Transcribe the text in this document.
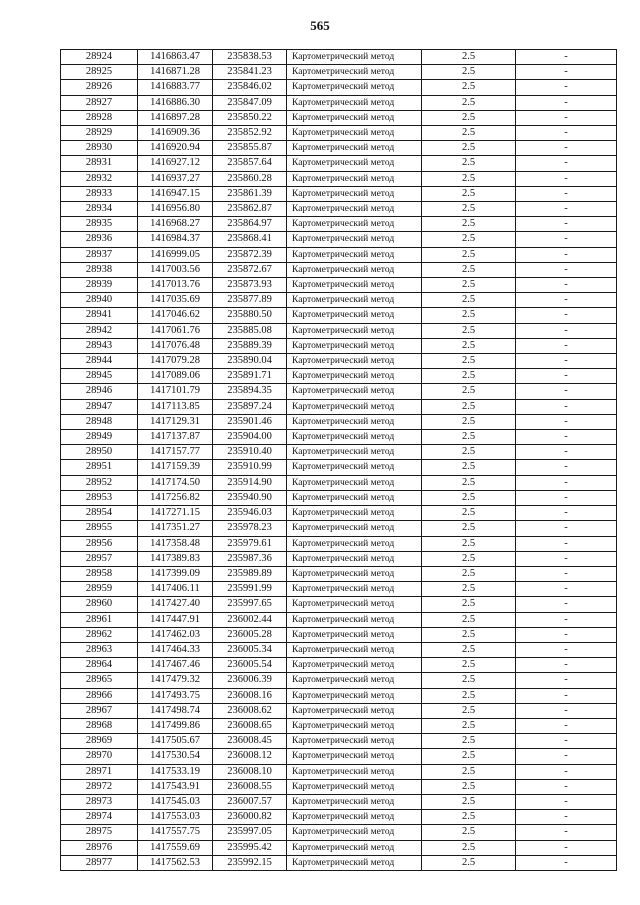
565
28924	1416863.47	235838.53	Картометрический метод	2.5	-
28925	1416871.28	235841.23	Картометрический метод	2.5	-
28926	1416883.77	235846.02	Картометрический метод	2.5	-
28927	1416886.30	235847.09	Картометрический метод	2.5	-
28928	1416897.28	235850.22	Картометрический метод	2.5	-
28929	1416909.36	235852.92	Картометрический метод	2.5	-
28930	1416920.94	235855.87	Картометрический метод	2.5	-
28931	1416927.12	235857.64	Картометрический метод	2.5	-
28932	1416937.27	235860.28	Картометрический метод	2.5	-
28933	1416947.15	235861.39	Картометрический метод	2.5	-
28934	1416956.80	235862.87	Картометрический метод	2.5	-
28935	1416968.27	235864.97	Картометрический метод	2.5	-
28936	1416984.37	235868.41	Картометрический метод	2.5	-
28937	1416999.05	235872.39	Картометрический метод	2.5	-
28938	1417003.56	235872.67	Картометрический метод	2.5	-
28939	1417013.76	235873.93	Картометрический метод	2.5	-
28940	1417035.69	235877.89	Картометрический метод	2.5	-
28941	1417046.62	235880.50	Картометрический метод	2.5	-
28942	1417061.76	235885.08	Картометрический метод	2.5	-
28943	1417076.48	235889.39	Картометрический метод	2.5	-
28944	1417079.28	235890.04	Картометрический метод	2.5	-
28945	1417089.06	235891.71	Картометрический метод	2.5	-
28946	1417101.79	235894.35	Картометрический метод	2.5	-
28947	1417113.85	235897.24	Картометрический метод	2.5	-
28948	1417129.31	235901.46	Картометрический метод	2.5	-
28949	1417137.87	235904.00	Картометрический метод	2.5	-
28950	1417157.77	235910.40	Картометрический метод	2.5	-
28951	1417159.39	235910.99	Картометрический метод	2.5	-
28952	1417174.50	235914.90	Картометрический метод	2.5	-
28953	1417256.82	235940.90	Картометрический метод	2.5	-
28954	1417271.15	235946.03	Картометрический метод	2.5	-
28955	1417351.27	235978.23	Картометрический метод	2.5	-
28956	1417358.48	235979.61	Картометрический метод	2.5	-
28957	1417389.83	235987.36	Картометрический метод	2.5	-
28958	1417399.09	235989.89	Картометрический метод	2.5	-
28959	1417406.11	235991.99	Картометрический метод	2.5	-
28960	1417427.40	235997.65	Картометрический метод	2.5	-
28961	1417447.91	236002.44	Картометрический метод	2.5	-
28962	1417462.03	236005.28	Картометрический метод	2.5	-
28963	1417464.33	236005.34	Картометрический метод	2.5	-
28964	1417467.46	236005.54	Картометрический метод	2.5	-
28965	1417479.32	236006.39	Картометрический метод	2.5	-
28966	1417493.75	236008.16	Картометрический метод	2.5	-
28967	1417498.74	236008.62	Картометрический метод	2.5	-
28968	1417499.86	236008.65	Картометрический метод	2.5	-
28969	1417505.67	236008.45	Картометрический метод	2.5	-
28970	1417530.54	236008.12	Картометрический метод	2.5	-
28971	1417533.19	236008.10	Картометрический метод	2.5	-
28972	1417543.91	236008.55	Картометрический метод	2.5	-
28973	1417545.03	236007.57	Картометрический метод	2.5	-
28974	1417553.03	236000.82	Картометрический метод	2.5	-
28975	1417557.75	235997.05	Картометрический метод	2.5	-
28976	1417559.69	235995.42	Картометрический метод	2.5	-
28977	1417562.53	235992.15	Картометрический метод	2.5	-
